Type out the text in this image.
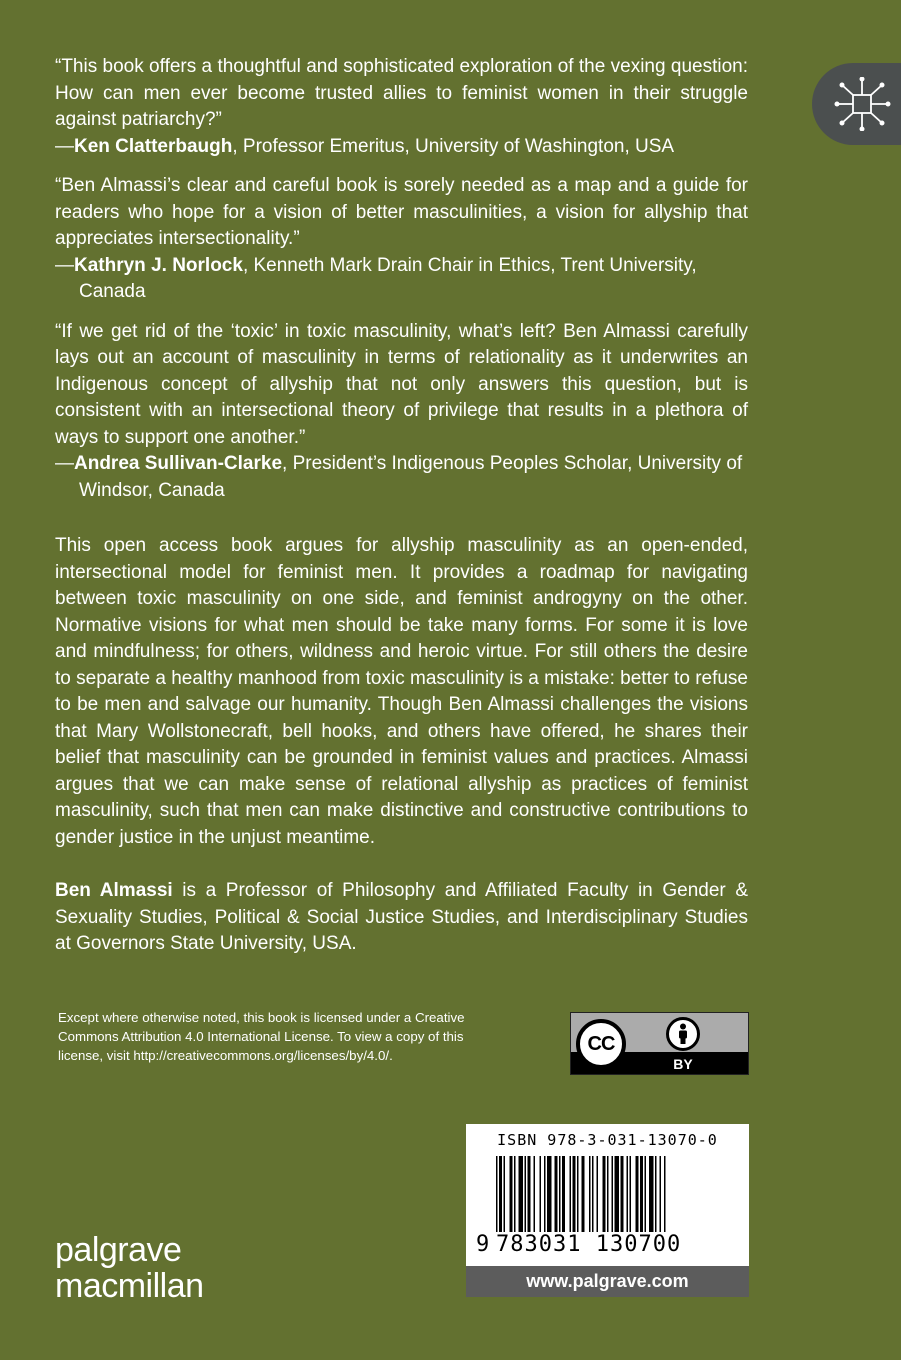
“This book offers a thoughtful and sophisticated exploration of the vexing question: How can men ever become trusted allies to feminist women in their struggle against patriarchy?”

—Ken Clatterbaugh, Professor Emeritus, University of Washington, USA

“Ben Almassi’s clear and careful book is sorely needed as a map and a guide for readers who hope for a vision of better masculinities, a vision for allyship that appreciates intersectionality.”

—Kathryn J. Norlock, Kenneth Mark Drain Chair in Ethics, Trent University, Canada

“If we get rid of the ‘toxic’ in toxic masculinity, what’s left? Ben Almassi carefully lays out an account of masculinity in terms of relationality as it underwrites an Indigenous concept of allyship that not only answers this question, but is consistent with an intersectional theory of privilege that results in a plethora of ways to support one another.”

—Andrea Sullivan-Clarke, President’s Indigenous Peoples Scholar, University of Windsor, Canada

This open access book argues for allyship masculinity as an open-ended, intersectional model for feminist men. It provides a roadmap for navigating between toxic masculinity on one side, and feminist androgyny on the other. Normative visions for what men should be take many forms. For some it is love and mindfulness; for others, wildness and heroic virtue. For still others the desire to separate a healthy manhood from toxic masculinity is a mistake: better to refuse to be men and salvage our humanity. Though Ben Almassi challenges the visions that Mary Wollstonecraft, bell hooks, and others have offered, he shares their belief that masculinity can be grounded in feminist values and practices. Almassi argues that we can make sense of relational allyship as practices of feminist masculinity, such that men can make distinctive and constructive contributions to gender justice in the unjust meantime.

Ben Almassi is a Professor of Philosophy and Affiliated Faculty in Gender & Sexuality Studies, Political & Social Justice Studies, and Interdisciplinary Studies at Governors State University, USA.

Except where otherwise noted, this book is licensed under a Creative Commons Attribution 4.0 International License. To view a copy of this license, visit http://creativecommons.org/licenses/by/4.0/.

CC
BY
ISBN 978-3-031-13070-0
9 783031 130700
www.palgrave.com
palgrave
macmillan
